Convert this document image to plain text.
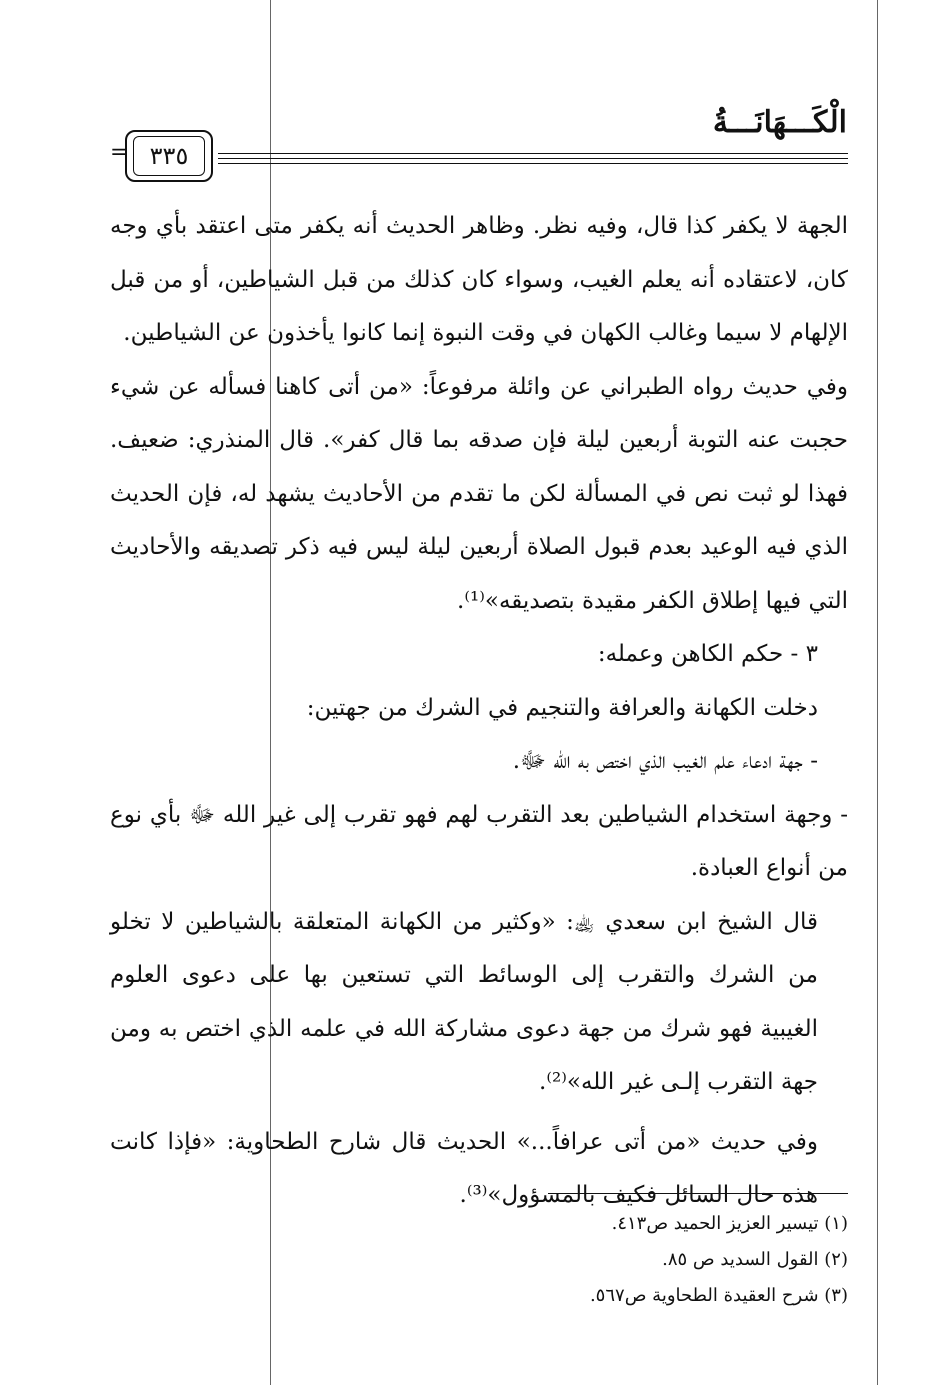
الْكَـــهَانَـــةُ
= ٣٣٥

الجهة لا يكفر كذا قال، وفيه نظر. وظاهر الحديث أنه يكفر متى اعتقد بأي وجه كان، لاعتقاده أنه يعلم الغيب، وسواء كان كذلك من قبل الشياطين، أو من قبل الإلهام لا سيما وغالب الكهان في وقت النبوة إنما كانوا يأخذون عن الشياطين.

وفي حديث رواه الطبراني عن وائلة مرفوعاً: «من أتى كاهنا فسأله عن شيء حجبت عنه التوبة أربعين ليلة فإن صدقه بما قال كفر». قال المنذري: ضعيف. فهذا لو ثبت نص في المسألة لكن ما تقدم من الأحاديث يشهد له، فإن الحديث الذي فيه الوعيد بعدم قبول الصلاة أربعين ليلة ليس فيه ذكر تصديقه والأحاديث التي فيها إطلاق الكفر مقيدة بتصديقه»⁽¹⁾.

٣ - حكم الكاهن وعمله:

دخلت الكهانة والعرافة والتنجيم في الشرك من جهتين:

- جهة ادعاء علم الغيب الذي اختص به الله ﷻ.

- وجهة استخدام الشياطين بعد التقرب لهم فهو تقرب إلى غير الله ﷻ بأي نوع من أنواع العبادة.

قال الشيخ ابن سعدي ﵀: «وكثير من الكهانة المتعلقة بالشياطين لا تخلو من الشرك والتقرب إلى الوسائط التي تستعين بها على دعوى العلوم الغيبية فهو شرك من جهة دعوى مشاركة الله في علمه الذي اختص به ومن جهة التقرب إلـى غير الله»⁽²⁾.

وفي حديث «من أتى عرافاً...» الحديث قال شارح الطحاوية: «فإذا كانت هذه حال السائل فكيف بالمسؤول»⁽³⁾.

(١) تيسير العزيز الحميد ص٤١٣.

(٢) القول السديد ص ٨٥.

(٣) شرح العقيدة الطحاوية ص٥٦٧.
